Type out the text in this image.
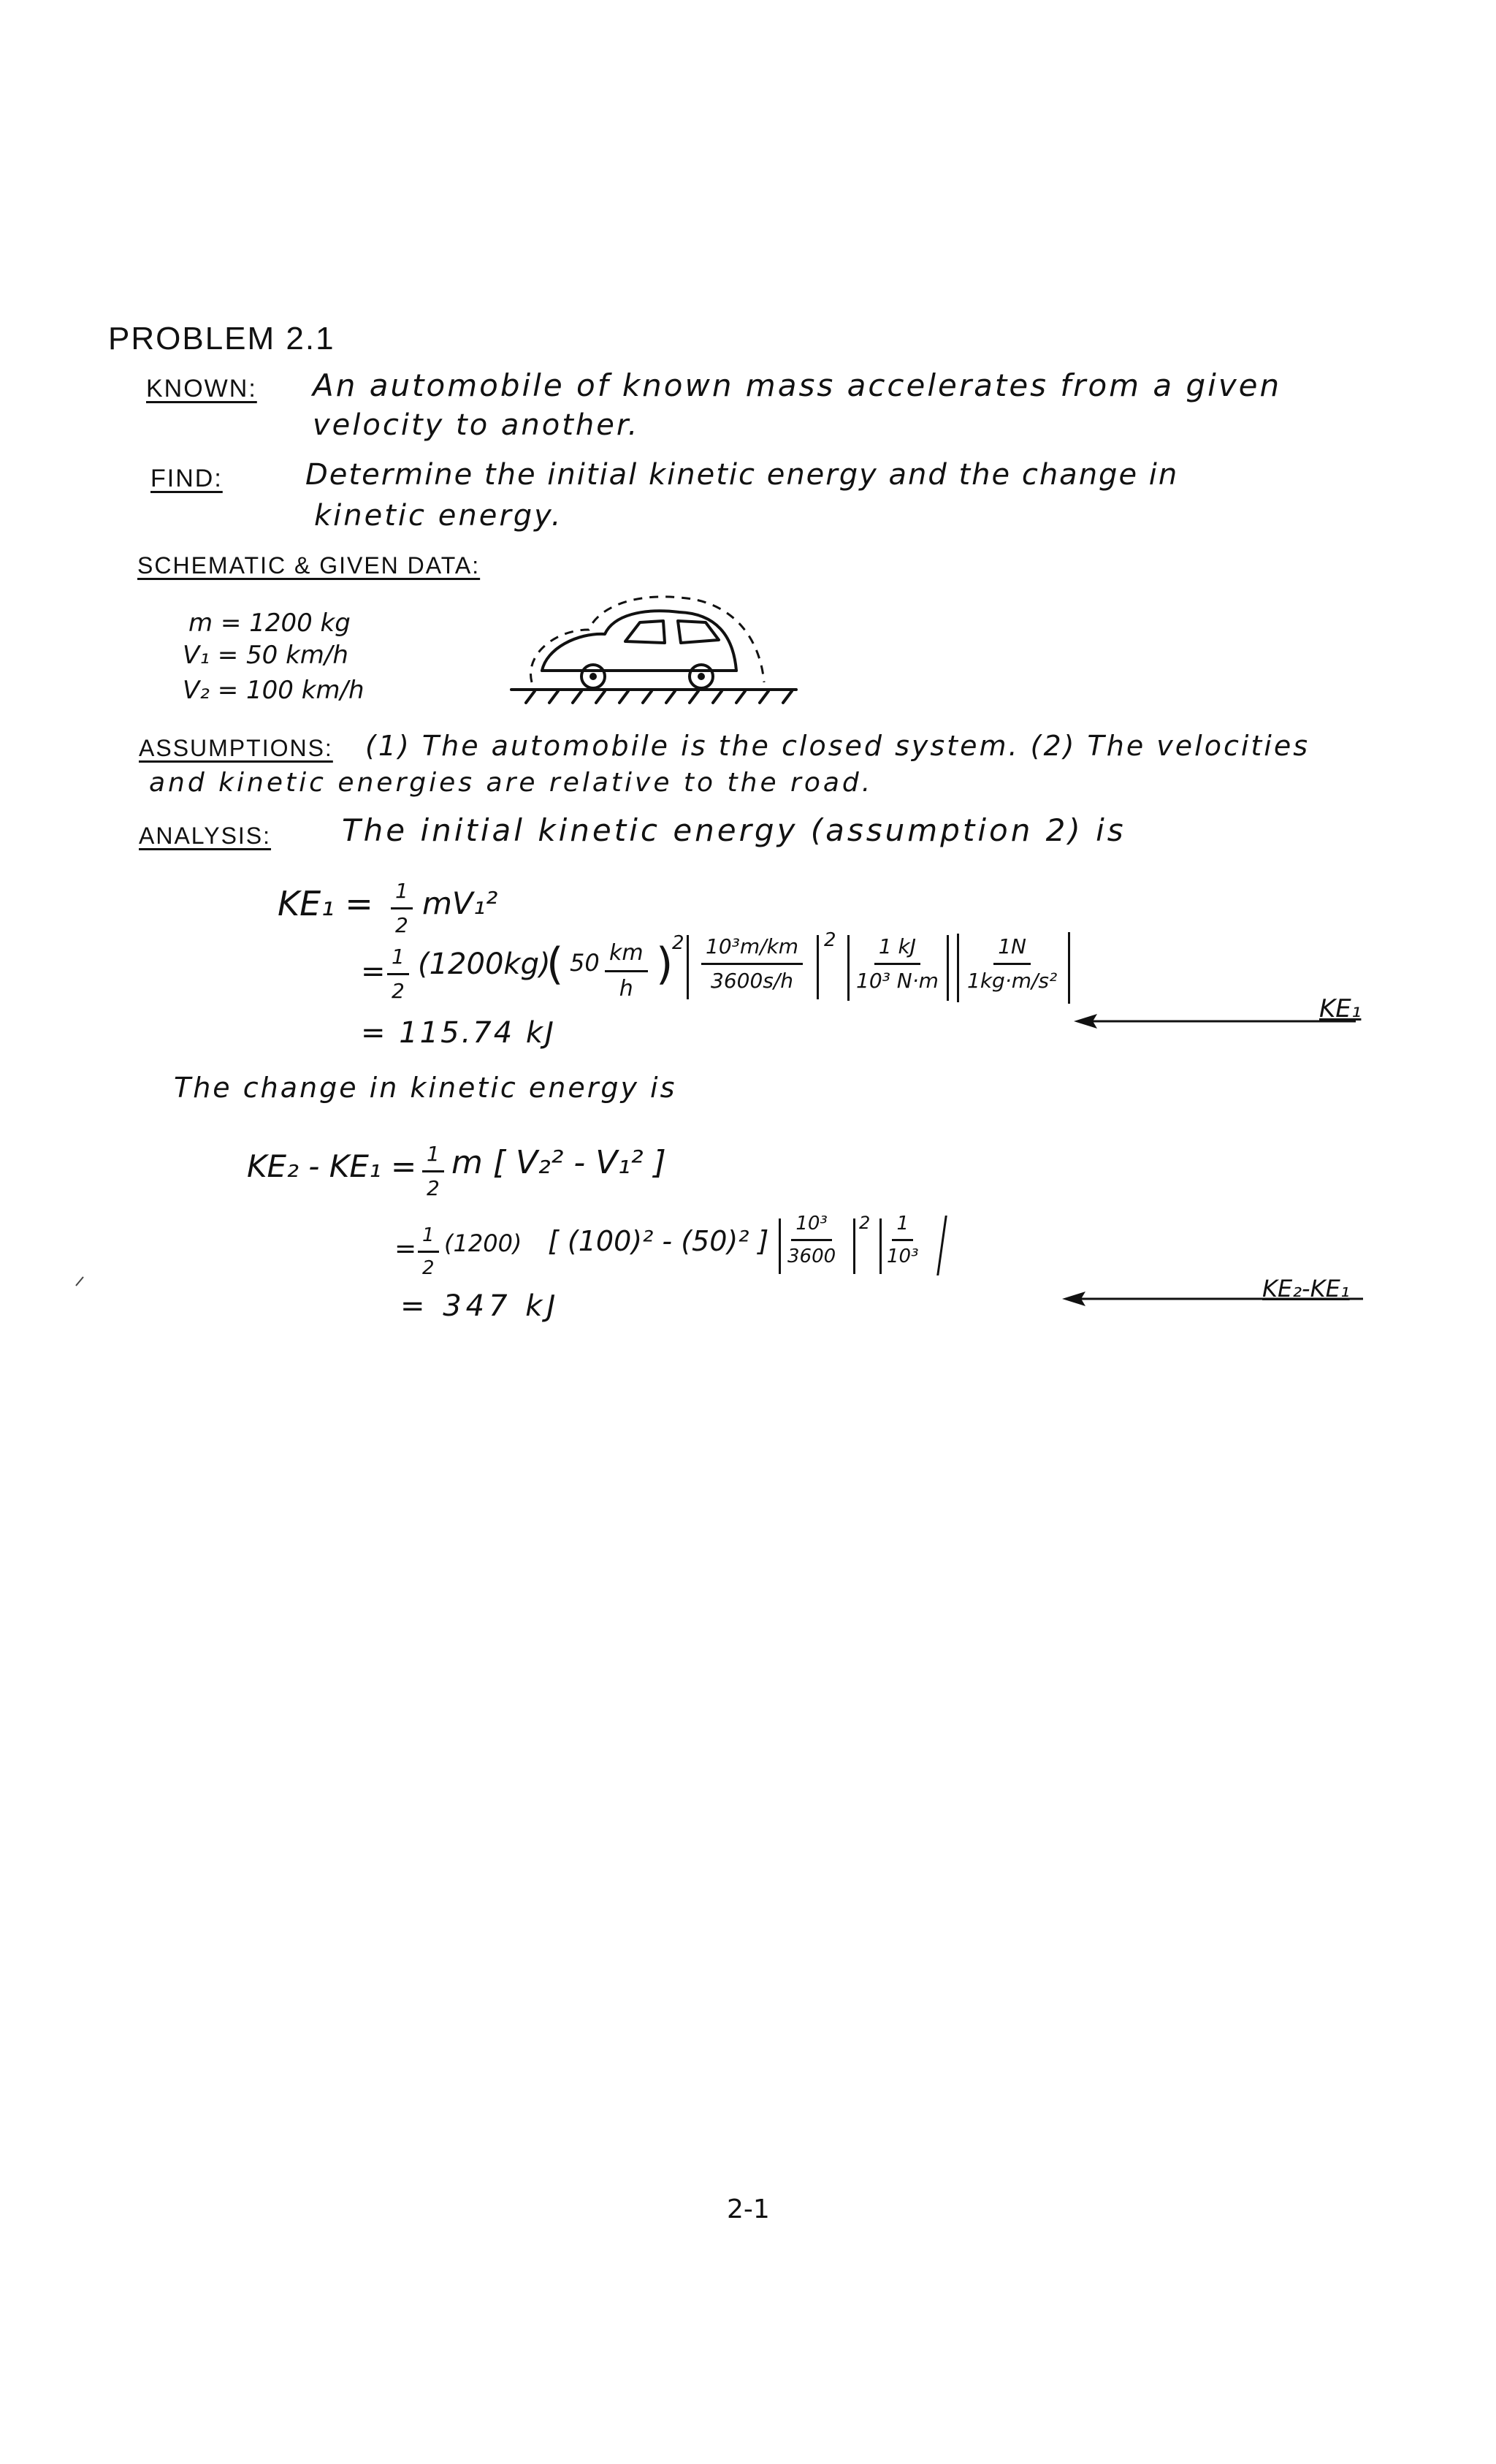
PROBLEM 2.1
KNOWN: An automobile of known mass accelerates from a given
velocity to another.
FIND:	Determine the initial kinetic energy and the change in
kinetic energy.
SCHEMATIC & GIVEN DATA:
m = 1200 kg
V₁ = 50 km/h
V₂ = 100 km/h
ASSUMPTIONS: (1) The automobile is the closed system. (2) The velocities
and kinetic energies are relative to the road.
ANALYSIS: The initial kinetic energy (assumption 2) is
$KE_1 = \frac{1}{2} mV_1^2$
= $\frac{1}{2} (1200kg)$
( $50 \frac{km}{h}$ )
$2 \frac{\text{10³m/km}}{3600s/h} 2 \frac{1 kJ}{\text{10³ N·m}} \frac{1N}{\text{1kg·m/s²}}$
= 115.74 kJ
KE₁
The change in kinetic energy is
$KE_2 - KE_1 = \frac{1}{2}$ m [ V₂² - V₁² ]
= $\frac{1}{2} (1200)$ [ (100)² - (50)² ] $\frac{\text{10³}}{3600} 2 \frac{1}{\text{10³}}$
= 347 kJ
KE₂-KE₁
2-1
